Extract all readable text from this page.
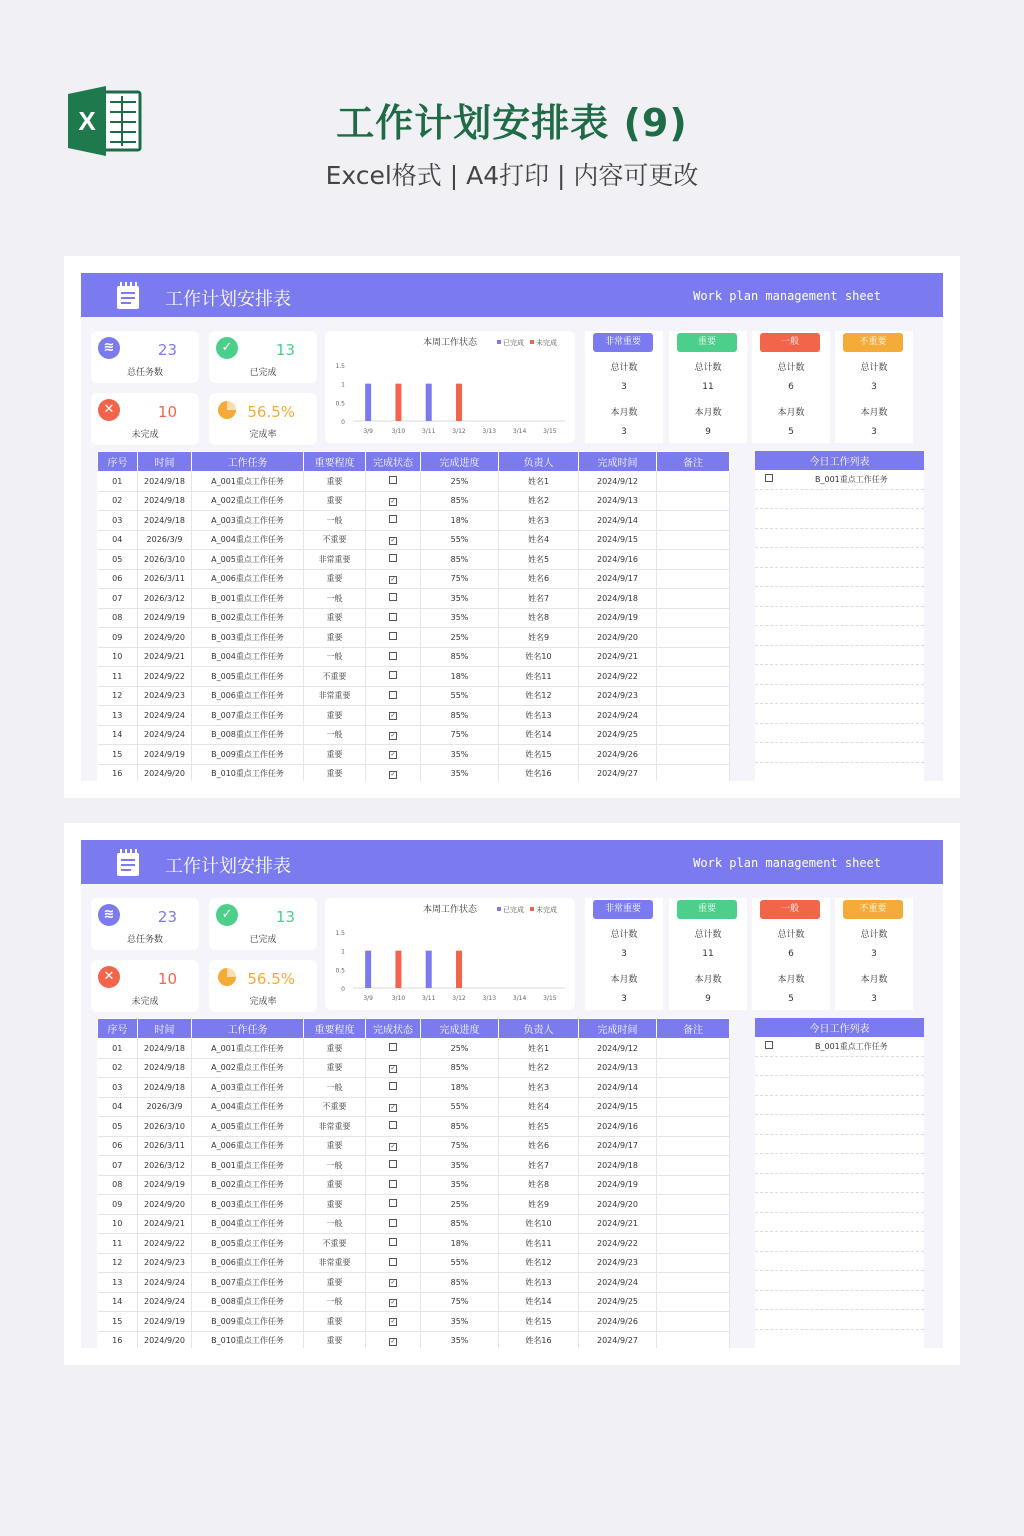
X	工作计划安排表 (9)
Excel格式 | A4打印 | 内容可更改
工作计划安排表	Work plan management sheet
≋	23
总任务数
✓	13
已完成
✕	10
未完成
56.5%
完成率
本周工作状态	已完成 未完成
1.5
1
0.5
0
3/9	3/10	3/11	3/12	3/13	3/14	3/15
非常重要
总计数
3
本月数
3
重要
总计数
11
本月数
9
一般
总计数
6
本月数
5
不重要
总计数
3
本月数
3
序号	时间	工作任务	重要程度	完成状态	完成进度	负责人	完成时间	备注
01	2024/9/18	A_001重点工作任务	重要		25%	姓名1	2024/9/12	
02	2024/9/18	A_002重点工作任务	重要	✓	85%	姓名2	2024/9/13	
03	2024/9/18	A_003重点工作任务	一般		18%	姓名3	2024/9/14	
04	2026/3/9	A_004重点工作任务	不重要	✓	55%	姓名4	2024/9/15	
05	2026/3/10	A_005重点工作任务	非常重要		85%	姓名5	2024/9/16	
06	2026/3/11	A_006重点工作任务	重要	✓	75%	姓名6	2024/9/17	
07	2026/3/12	B_001重点工作任务	一般		35%	姓名7	2024/9/18	
08	2024/9/19	B_002重点工作任务	重要		35%	姓名8	2024/9/19	
09	2024/9/20	B_003重点工作任务	重要		25%	姓名9	2024/9/20	
10	2024/9/21	B_004重点工作任务	一般		85%	姓名10	2024/9/21	
11	2024/9/22	B_005重点工作任务	不重要		18%	姓名11	2024/9/22	
12	2024/9/23	B_006重点工作任务	非常重要		55%	姓名12	2024/9/23	
13	2024/9/24	B_007重点工作任务	重要	✓	85%	姓名13	2024/9/24	
14	2024/9/24	B_008重点工作任务	一般	✓	75%	姓名14	2024/9/25	
15	2024/9/19	B_009重点工作任务	重要	✓	35%	姓名15	2024/9/26	
16	2024/9/20	B_010重点工作任务	重要	✓	35%	姓名16	2024/9/27	
今日工作列表
B_001重点工作任务

工作计划安排表	Work plan management sheet
≋	23
总任务数
✓	13
已完成
✕	10
未完成
56.5%
完成率
本周工作状态	已完成 未完成
1.5
1
0.5
0
3/9	3/10	3/11	3/12	3/13	3/14	3/15
非常重要
总计数
3
本月数
3
重要
总计数
11
本月数
9
一般
总计数
6
本月数
5
不重要
总计数
3
本月数
3
序号	时间	工作任务	重要程度	完成状态	完成进度	负责人	完成时间	备注
01	2024/9/18	A_001重点工作任务	重要		25%	姓名1	2024/9/12	
02	2024/9/18	A_002重点工作任务	重要	✓	85%	姓名2	2024/9/13	
03	2024/9/18	A_003重点工作任务	一般		18%	姓名3	2024/9/14	
04	2026/3/9	A_004重点工作任务	不重要	✓	55%	姓名4	2024/9/15	
05	2026/3/10	A_005重点工作任务	非常重要		85%	姓名5	2024/9/16	
06	2026/3/11	A_006重点工作任务	重要	✓	75%	姓名6	2024/9/17	
07	2026/3/12	B_001重点工作任务	一般		35%	姓名7	2024/9/18	
08	2024/9/19	B_002重点工作任务	重要		35%	姓名8	2024/9/19	
09	2024/9/20	B_003重点工作任务	重要		25%	姓名9	2024/9/20	
10	2024/9/21	B_004重点工作任务	一般		85%	姓名10	2024/9/21	
11	2024/9/22	B_005重点工作任务	不重要		18%	姓名11	2024/9/22	
12	2024/9/23	B_006重点工作任务	非常重要		55%	姓名12	2024/9/23	
13	2024/9/24	B_007重点工作任务	重要	✓	85%	姓名13	2024/9/24	
14	2024/9/24	B_008重点工作任务	一般	✓	75%	姓名14	2024/9/25	
15	2024/9/19	B_009重点工作任务	重要	✓	35%	姓名15	2024/9/26	
16	2024/9/20	B_010重点工作任务	重要	✓	35%	姓名16	2024/9/27	
今日工作列表
B_001重点工作任务
